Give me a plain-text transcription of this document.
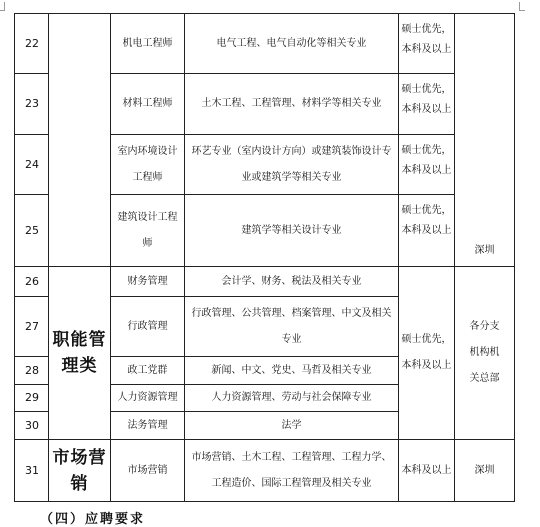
22		机电工程师	电气工程、电气自动化等相关专业	硕士优先，本科及以上	深圳
23		材料工程师	土木工程、工程管理、材料学等相关专业	硕士优先，本科及以上	
24		室内环境设计工程师	环艺专业（室内设计方向）或建筑装饰设计专业或建筑学等相关专业	硕士优先，本科及以上	
25		建筑设计工程师	建筑学等相关设计专业	硕士优先，本科及以上	
26	职能管理类	财务管理	会计学、财务、税法及相关专业	硕士优先，本科及以上	各分支机构机关总部
27		行政管理	行政管理、公共管理、档案管理、中文及相关专业		
28		政工党群	新闻、中文、党史、马哲及相关专业		
29		人力资源管理	人力资源管理、劳动与社会保障专业		
30		法务管理	法学		
31	市场营销	市场营销	市场营销、土木工程、工程管理、工程力学、工程造价、国际工程管理及相关专业	本科及以上	深圳
（四）应聘要求
